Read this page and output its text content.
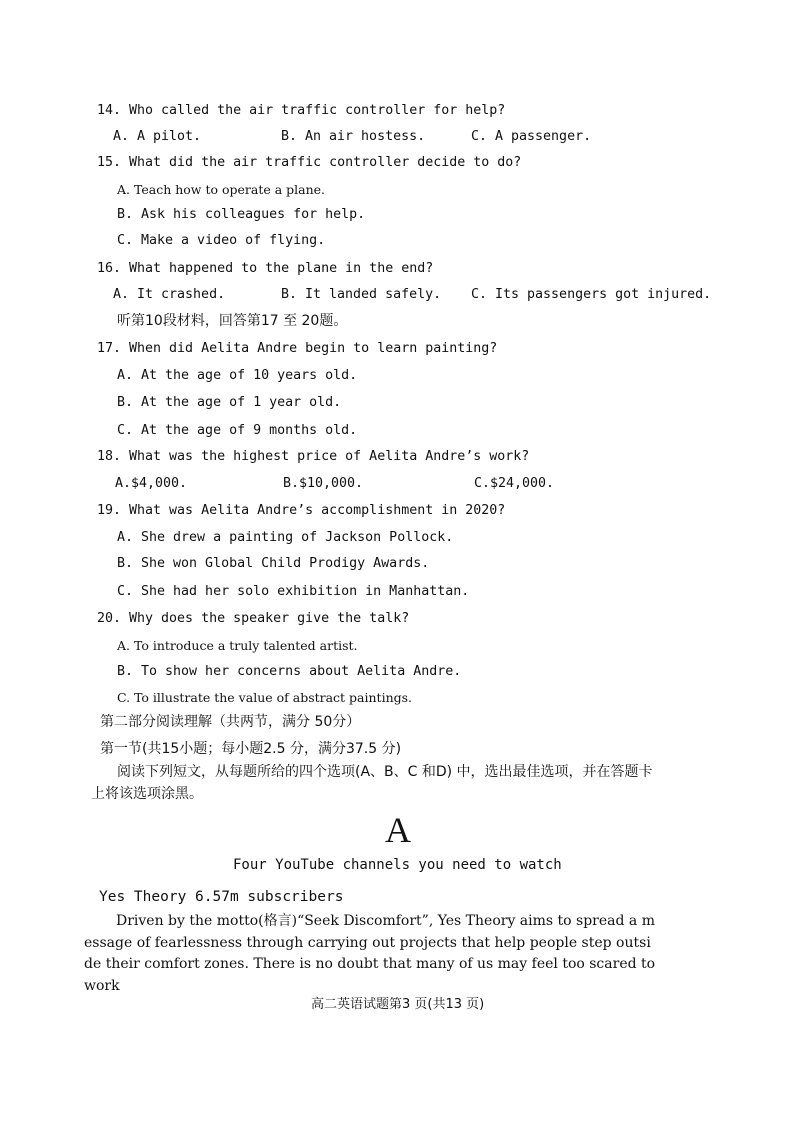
14. Who called the air traffic controller for help?
A. A pilot.	B. An air hostess.	C. A passenger.
15. What did the air traffic controller decide to do?
A. Teach how to operate a plane.
B. Ask his colleagues for help.
C. Make a video of flying.
16. What happened to the plane in the end?
A. It crashed.	B. It landed safely. C. Its passengers got injured.
听第10段材料，回答第17 至 20题。
17. When did Aelita Andre begin to learn painting?
A. At the age of 10 years old.
B. At the age of 1 year old.
C. At the age of 9 months old.
18. What was the highest price of Aelita Andre’s work?
A.$4,000.	B.$10,000.	C.$24,000.
19. What was Aelita Andre’s accomplishment in 2020?
A. She drew a painting of Jackson Pollock.
B. She won Global Child Prodigy Awards.
C. She had her solo exhibition in Manhattan.
20. Why does the speaker give the talk?
A. To introduce a truly talented artist.
B. To show her concerns about Aelita Andre.
C. To illustrate the value of abstract paintings.
第二部分阅读理解（共两节，满分 50分）
第一节(共15小题；每小题2.5 分，满分37.5 分)
阅读下列短文，从每题所给的四个选项(A、B、C 和D) 中，选出最佳选项，并在答题卡
上将该选项涂黑。
A
Four YouTube channels you need to watch
Yes Theory 6.57m subscribers
Driven by the motto(格言)“Seek Discomfort”, Yes Theory aims to spread a m
essage of fearlessness through carrying out projects that help people step outsi
de their comfort zones. There is no doubt that many of us may feel too scared to
work
高二英语试题第3 页(共13 页)
